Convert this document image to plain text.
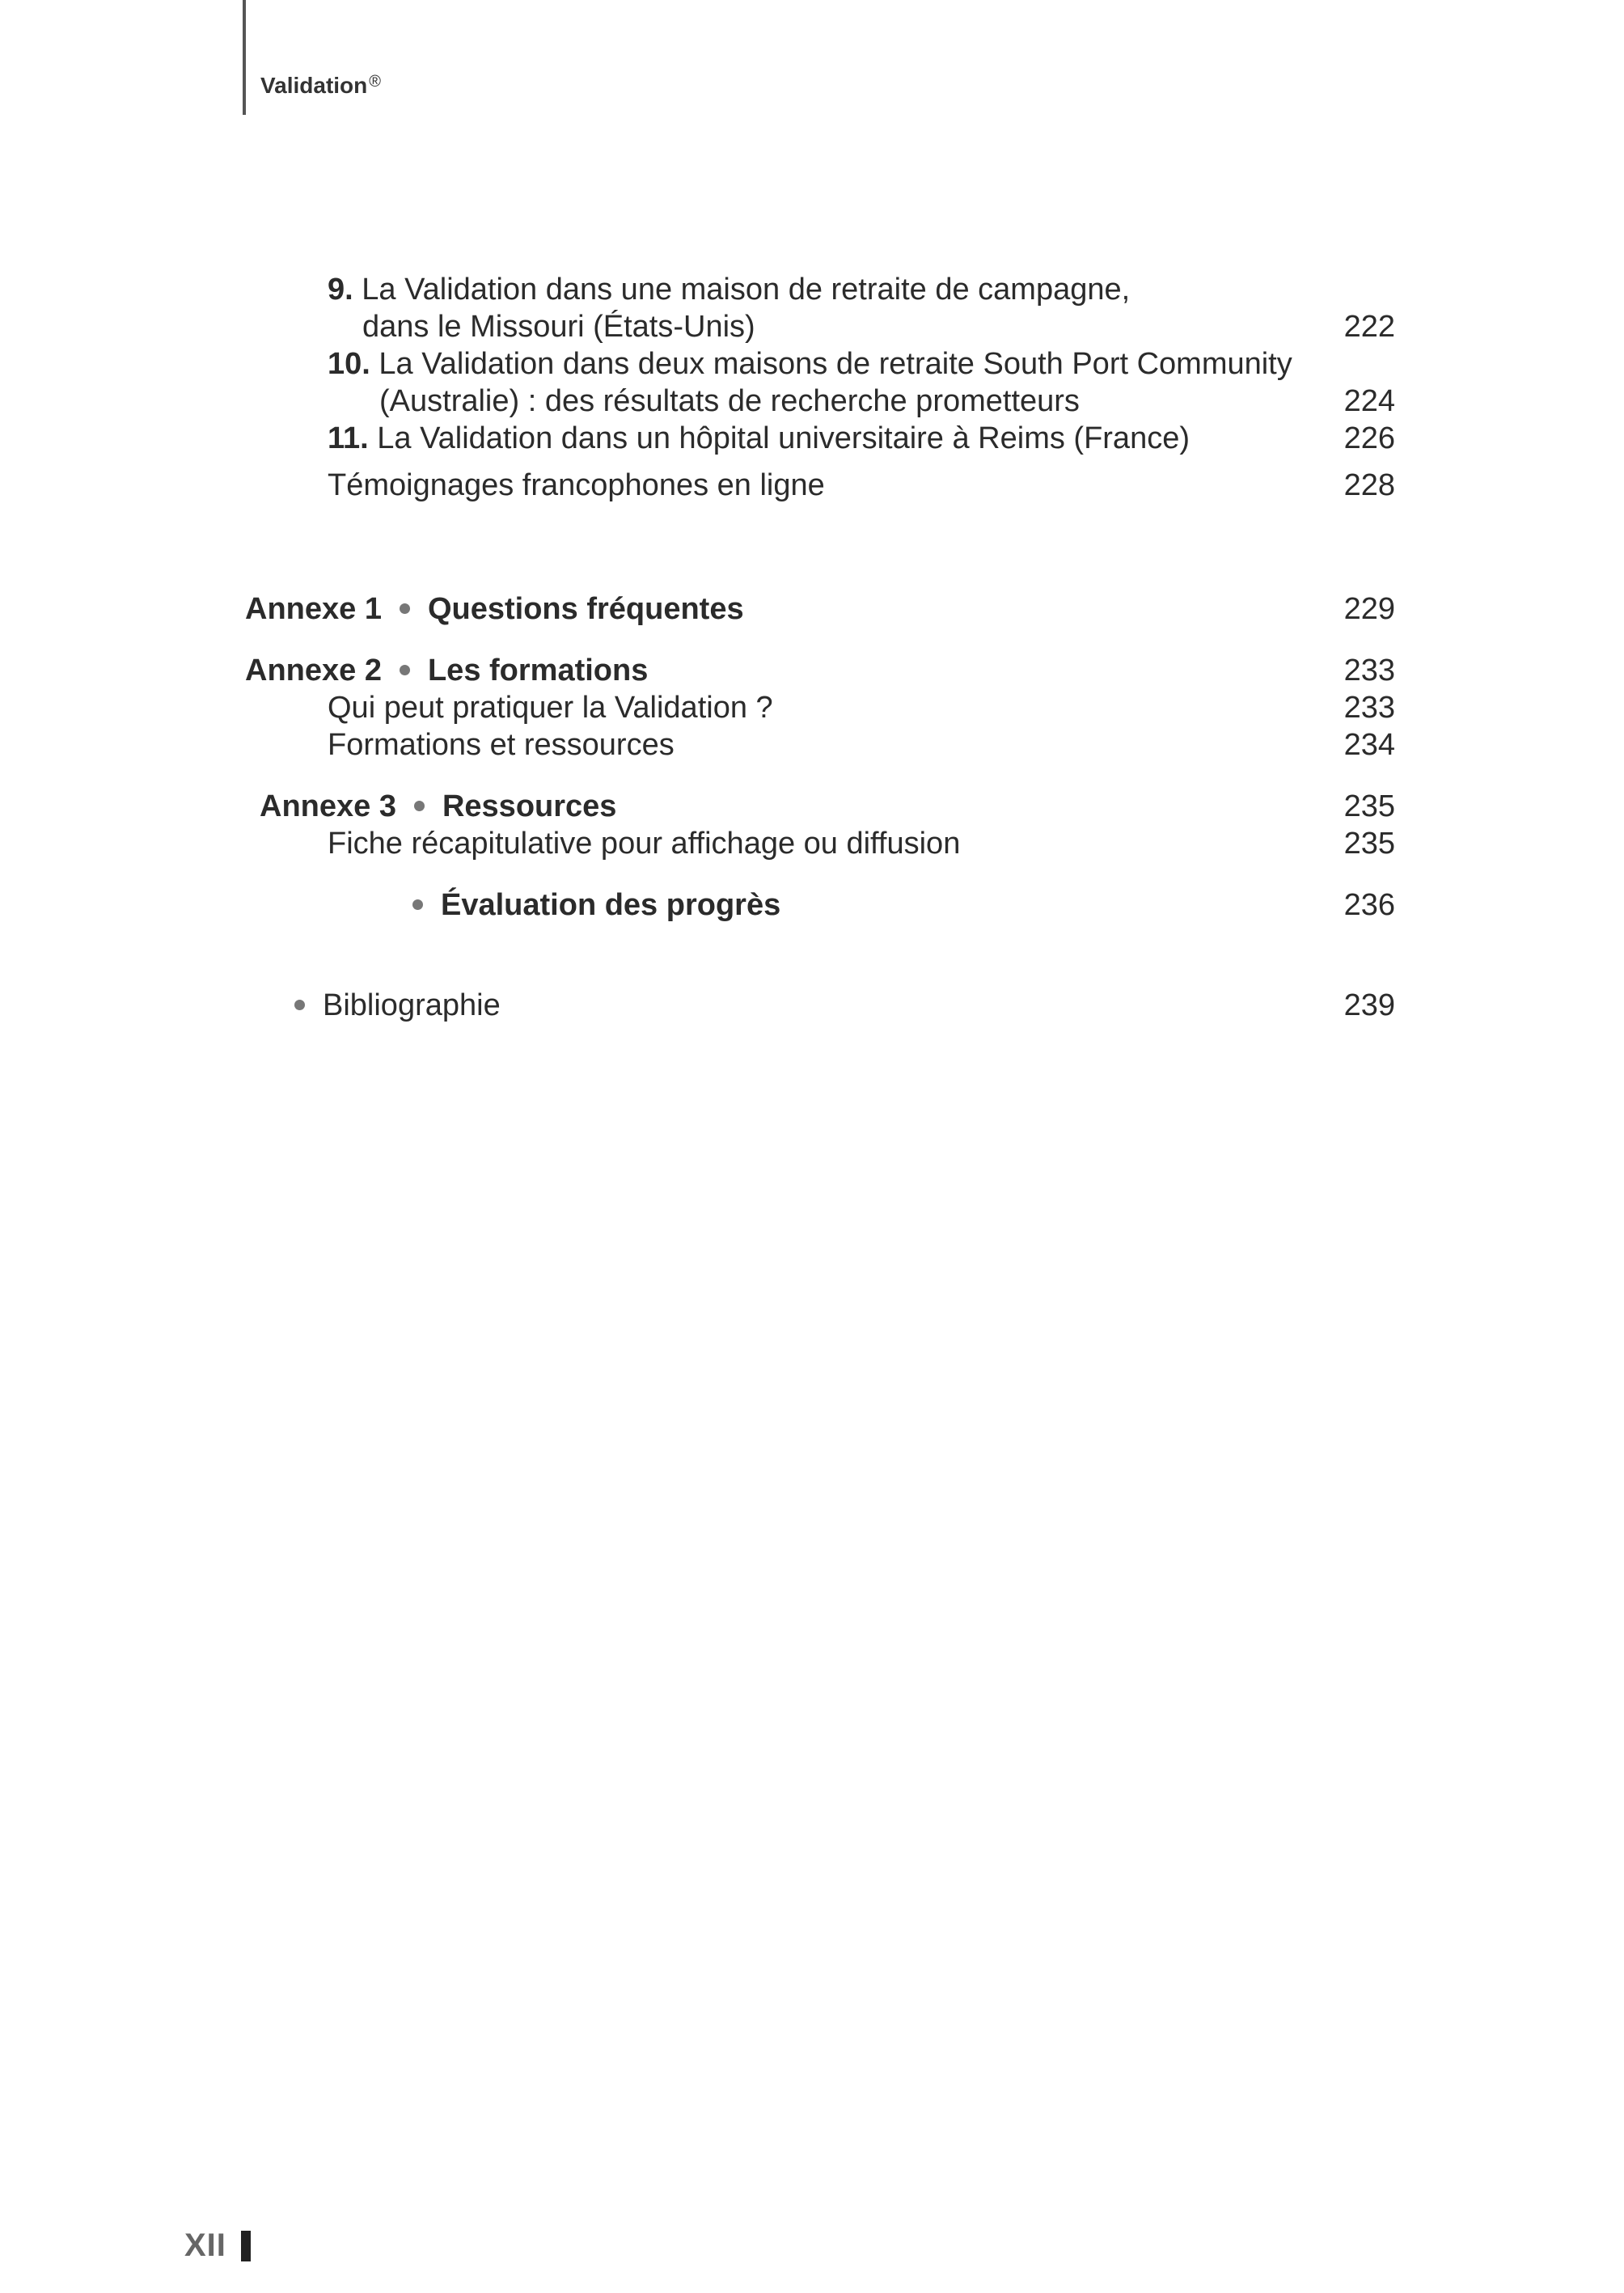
Validation ®
9. La Validation dans une maison de retraite de campagne,
dans le Missouri (États-Unis)	222
10. La Validation dans deux maisons de retraite South Port Community
(Australie) : des résultats de recherche prometteurs	224
11. La Validation dans un hôpital universitaire à Reims (France)	226
Témoignages francophones en ligne	228
Annexe 1 Questions fréquentes	229
Annexe 2 Les formations	233
Qui peut pratiquer la Validation ?	233
Formations et ressources	234
Annexe 3 Ressources	235
Fiche récapitulative pour affichage ou diffusion	235
Évaluation des progrès	236
Bibliographie	239
XII
